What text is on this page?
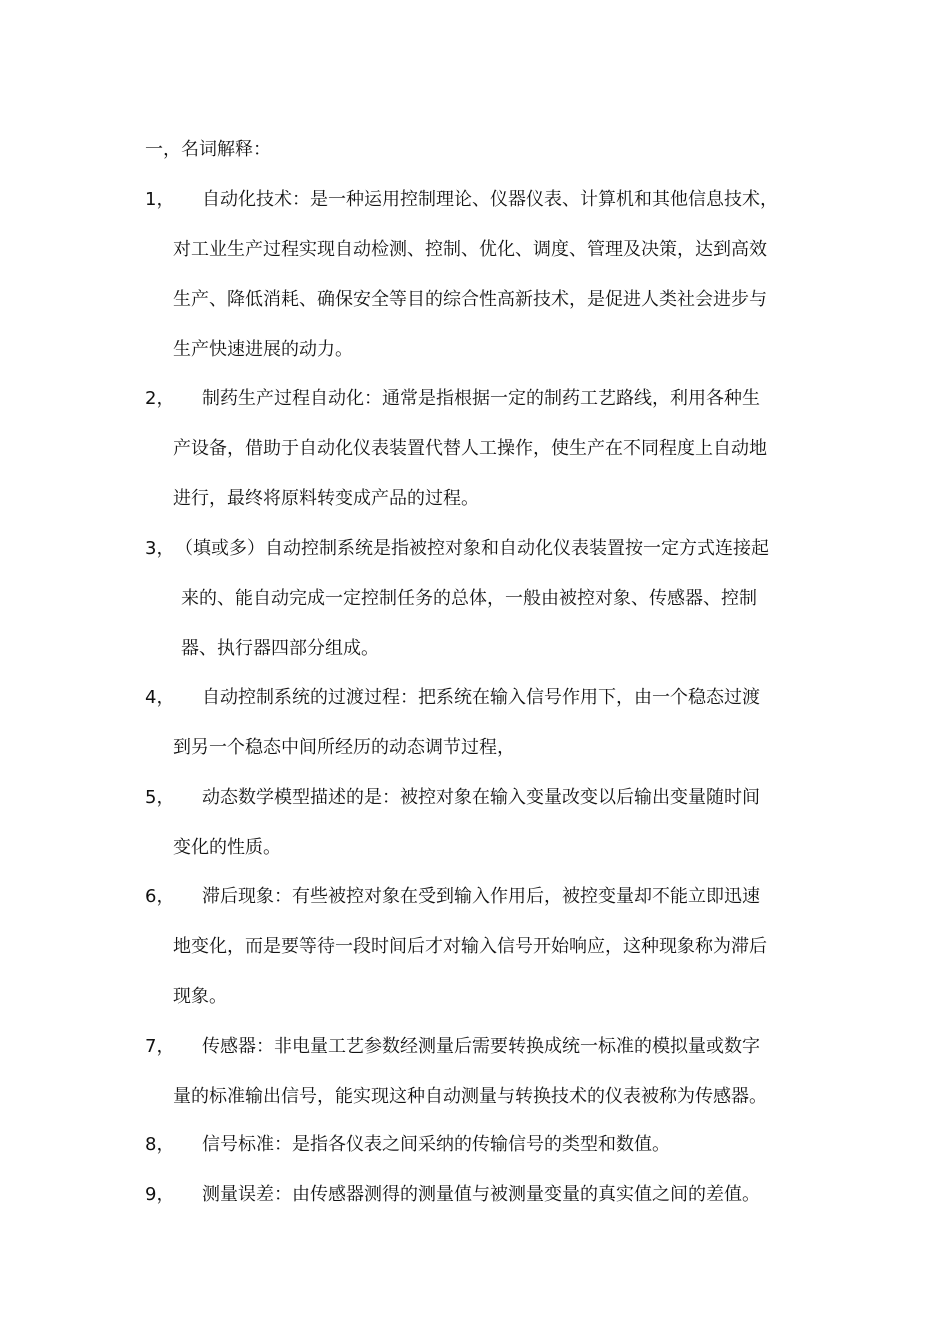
一，名词解释：
1， 自动化技术：是一种运用控制理论、仪器仪表、计算机和其他信息技术，
对工业生产过程实现自动检测、控制、优化、调度、管理及决策，达到高效
生产、降低消耗、确保安全等目的综合性高新技术，是促进人类社会进步与
生产快速进展的动力。
2， 制药生产过程自动化：通常是指根据一定的制药工艺路线，利用各种生
产设备，借助于自动化仪表装置代替人工操作，使生产在不同程度上自动地
进行，最终将原料转变成产品的过程。
3， （填或多）自动控制系统是指被控对象和自动化仪表装置按一定方式连接起
来的、能自动完成一定控制任务的总体，一般由被控对象、传感器、控制
器、执行器四部分组成。
4， 自动控制系统的过渡过程：把系统在输入信号作用下，由一个稳态过渡
到另一个稳态中间所经历的动态调节过程，
5， 动态数学模型描述的是：被控对象在输入变量改变以后输出变量随时间
变化的性质。
6， 滞后现象：有些被控对象在受到输入作用后，被控变量却不能立即迅速
地变化，而是要等待一段时间后才对输入信号开始响应，这种现象称为滞后
现象。
7， 传感器：非电量工艺参数经测量后需要转换成统一标准的模拟量或数字
量的标准输出信号，能实现这种自动测量与转换技术的仪表被称为传感器。
8， 信号标准：是指各仪表之间采纳的传输信号的类型和数值。
9， 测量误差：由传感器测得的测量值与被测量变量的真实值之间的差值。
